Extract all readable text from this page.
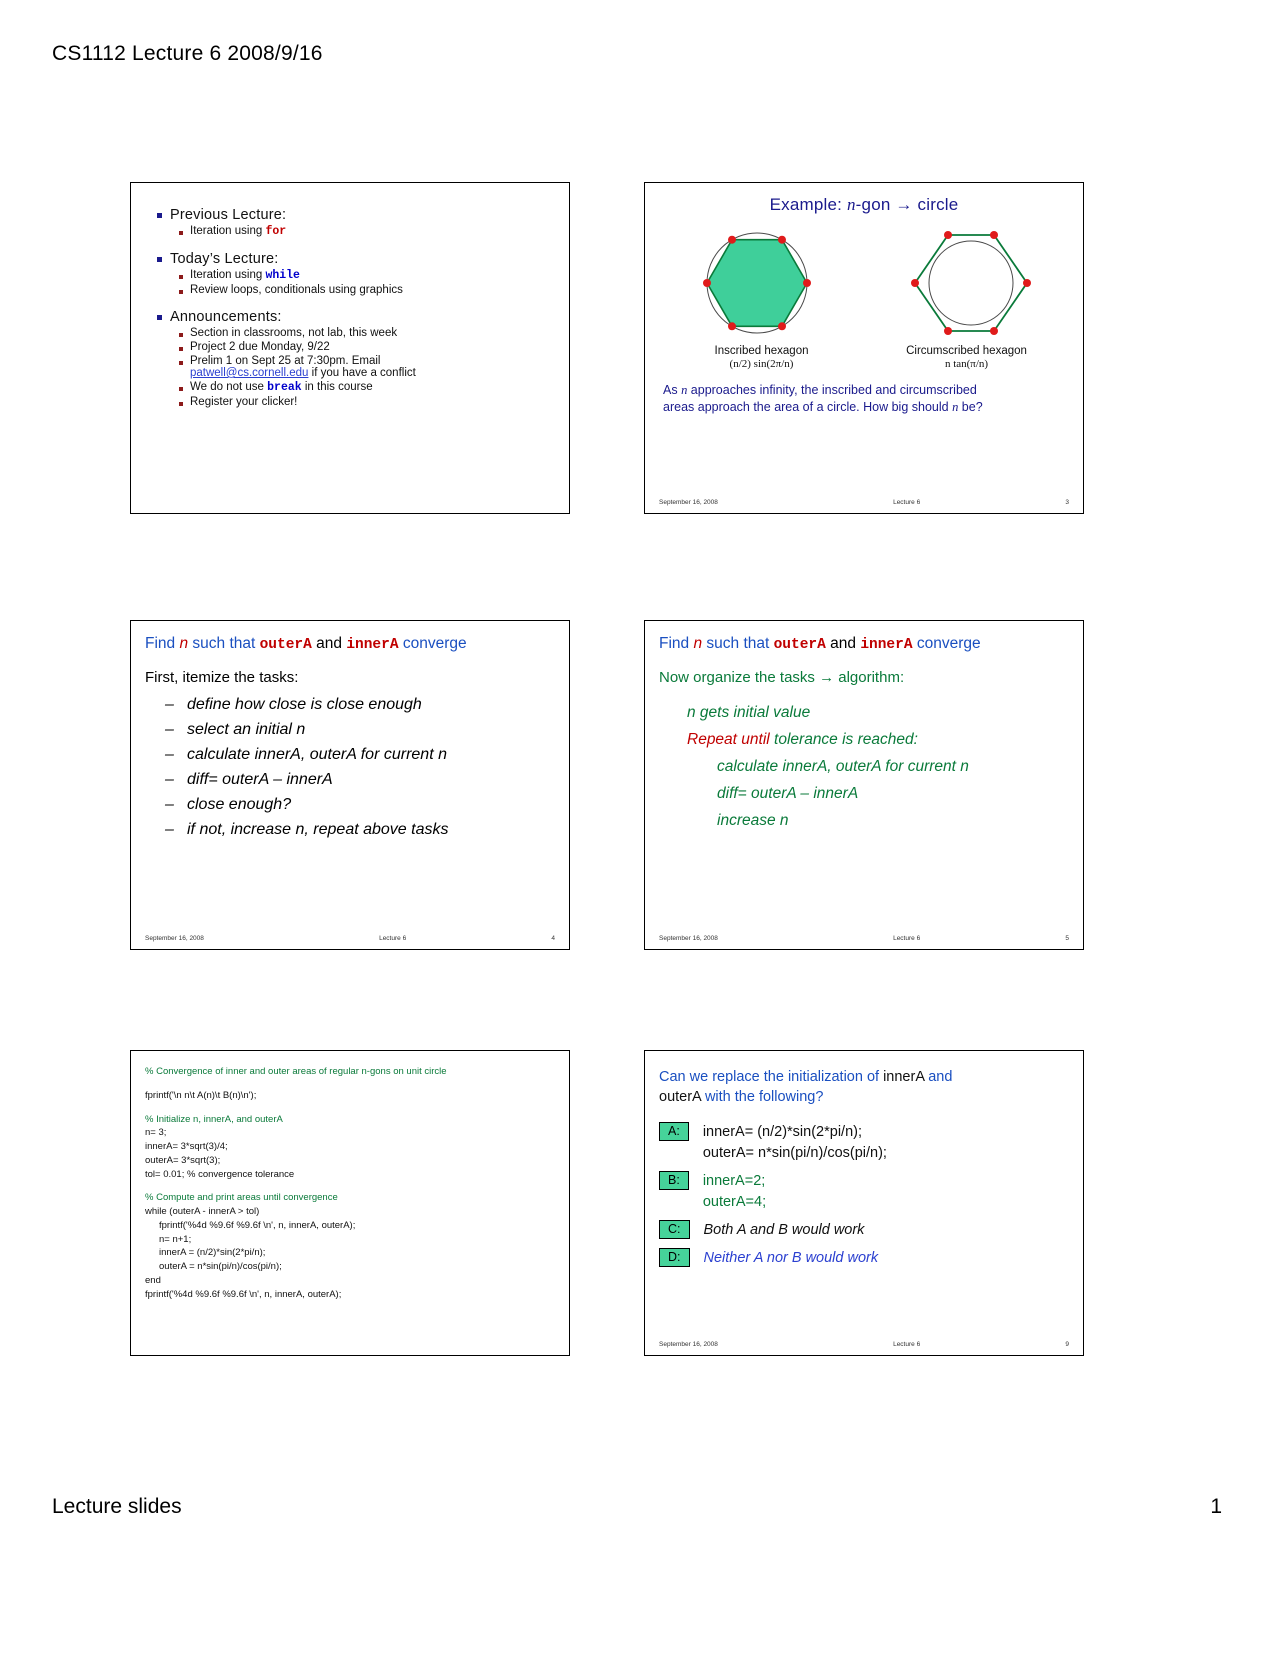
CS1112 Lecture 6 2008/9/16
Previous Lecture:
Iteration using for
Today’s Lecture:
Iteration using while
Review loops, conditionals using graphics
Announcements:
Section in classrooms, not lab, this week
Project 2 due Monday, 9/22
Prelim 1 on Sept 25 at 7:30pm. Email
patwell@cs.cornell.edu if you have a conflict
We do not use break in this course
Register your clicker!
Example: n-gon → circle
Inscribed hexagon
(n/2) sin(2π/n)
Circumscribed hexagon
n tan(π/n)
As n approaches infinity, the inscribed and circumscribed
areas approach the area of a circle. How big should n be?
September 16, 2008	Lecture 6	3
Find n such that outerA and innerA converge
First, itemize the tasks:
– define how close is close enough
– select an initial n
– calculate innerA, outerA for current n
– diff= outerA – innerA
– close enough?
– if not, increase n, repeat above tasks
September 16, 2008	Lecture 6	4
Find n such that outerA and innerA converge
Now organize the tasks → algorithm:
n gets initial value
Repeat until tolerance is reached:
calculate innerA, outerA for current n
diff= outerA – innerA
increase n
September 16, 2008	Lecture 6	5
% Convergence of inner and outer areas of regular n-gons on unit circle
fprintf('\n n\t A(n)\t B(n)\n');
% Initialize n, innerA, and outerA
n= 3;
innerA= 3*sqrt(3)/4;
outerA= 3*sqrt(3);
tol= 0.01; % convergence tolerance
% Compute and print areas until convergence
while (outerA - innerA > tol)
fprintf('%4d %9.6f %9.6f \n', n, innerA, outerA);
n= n+1;
innerA = (n/2)*sin(2*pi/n);
outerA = n*sin(pi/n)/cos(pi/n);
end
fprintf('%4d %9.6f %9.6f \n', n, innerA, outerA);
Can we replace the initialization of innerA and
outerA with the following?
A:	innerA= (n/2)*sin(2*pi/n);
outerA= n*sin(pi/n)/cos(pi/n);
B:	innerA=2;
outerA=4;
C:	Both A and B would work
D:	Neither A nor B would work
September 16, 2008	Lecture 6	9
Lecture slides	1
